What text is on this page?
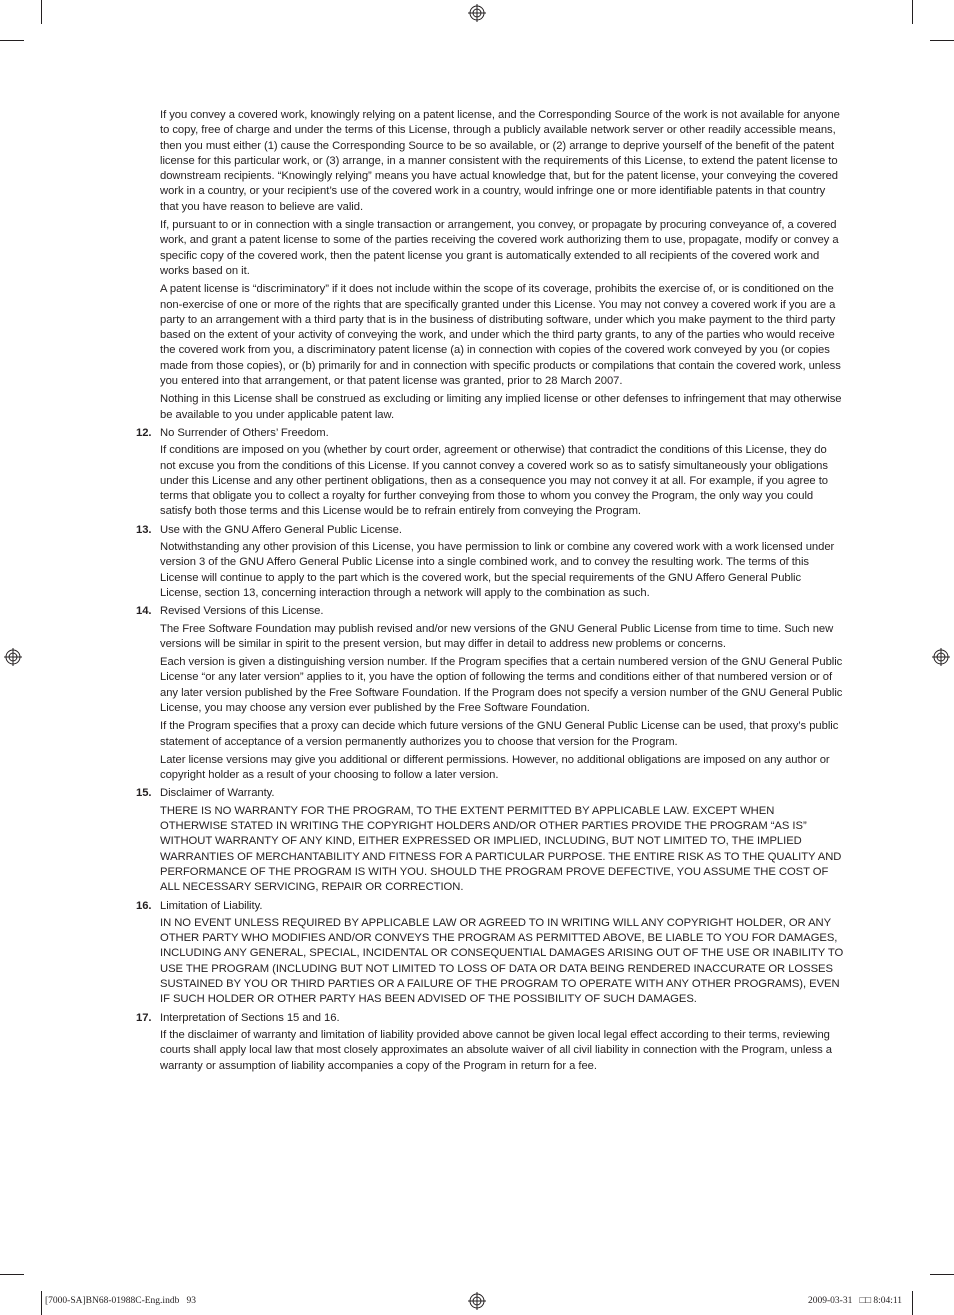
If you convey a covered work, knowingly relying on a patent license, and the Corresponding Source of the work is not available for anyone to copy, free of charge and under the terms of this License, through a publicly available network server or other readily accessible means, then you must either (1) cause the Corresponding Source to be so available, or (2) arrange to deprive yourself of the benefit of the patent license for this particular work, or (3) arrange, in a manner consistent with the requirements of this License, to extend the patent license to downstream recipients. “Knowingly relying” means you have actual knowledge that, but for the patent license, your conveying the covered work in a country, or your recipient’s use of the covered work in a country, would infringe one or more identifiable patents in that country that you have reason to believe are valid.

If, pursuant to or in connection with a single transaction or arrangement, you convey, or propagate by procuring conveyance of, a covered work, and grant a patent license to some of the parties receiving the covered work authorizing them to use, propagate, modify or convey a specific copy of the covered work, then the patent license you grant is automatically extended to all recipients of the covered work and works based on it.

A patent license is “discriminatory” if it does not include within the scope of its coverage, prohibits the exercise of, or is conditioned on the non-exercise of one or more of the rights that are specifically granted under this License. You may not convey a covered work if you are a party to an arrangement with a third party that is in the business of distributing software, under which you make payment to the third party based on the extent of your activity of conveying the work, and under which the third party grants, to any of the parties who would receive the covered work from you, a discriminatory patent license (a) in connection with copies of the covered work conveyed by you (or copies made from those copies), or (b) primarily for and in connection with specific products or compilations that contain the covered work, unless you entered into that arrangement, or that patent license was granted, prior to 28 March 2007.

Nothing in this License shall be construed as excluding or limiting any implied license or other defenses to infringement that may otherwise be available to you under applicable patent law.

12. No Surrender of Others’ Freedom.

If conditions are imposed on you (whether by court order, agreement or otherwise) that contradict the conditions of this License, they do not excuse you from the conditions of this License. If you cannot convey a covered work so as to satisfy simultaneously your obligations under this License and any other pertinent obligations, then as a consequence you may not convey it at all. For example, if you agree to terms that obligate you to collect a royalty for further conveying from those to whom you convey the Program, the only way you could satisfy both those terms and this License would be to refrain entirely from conveying the Program.

13. Use with the GNU Affero General Public License.

Notwithstanding any other provision of this License, you have permission to link or combine any covered work with a work licensed under version 3 of the GNU Affero General Public License into a single combined work, and to convey the resulting work. The terms of this License will continue to apply to the part which is the covered work, but the special requirements of the GNU Affero General Public License, section 13, concerning interaction through a network will apply to the combination as such.

14. Revised Versions of this License.

The Free Software Foundation may publish revised and/or new versions of the GNU General Public License from time to time. Such new versions will be similar in spirit to the present version, but may differ in detail to address new problems or concerns.

Each version is given a distinguishing version number. If the Program specifies that a certain numbered version of the GNU General Public License “or any later version” applies to it, you have the option of following the terms and conditions either of that numbered version or of any later version published by the Free Software Foundation. If the Program does not specify a version number of the GNU General Public License, you may choose any version ever published by the Free Software Foundation.

If the Program specifies that a proxy can decide which future versions of the GNU General Public License can be used, that proxy’s public statement of acceptance of a version permanently authorizes you to choose that version for the Program.

Later license versions may give you additional or different permissions. However, no additional obligations are imposed on any author or copyright holder as a result of your choosing to follow a later version.

15. Disclaimer of Warranty.

THERE IS NO WARRANTY FOR THE PROGRAM, TO THE EXTENT PERMITTED BY APPLICABLE LAW. EXCEPT WHEN OTHERWISE STATED IN WRITING THE COPYRIGHT HOLDERS AND/OR OTHER PARTIES PROVIDE THE PROGRAM “AS IS” WITHOUT WARRANTY OF ANY KIND, EITHER EXPRESSED OR IMPLIED, INCLUDING, BUT NOT LIMITED TO, THE IMPLIED WARRANTIES OF MERCHANTABILITY AND FITNESS FOR A PARTICULAR PURPOSE. THE ENTIRE RISK AS TO THE QUALITY AND PERFORMANCE OF THE PROGRAM IS WITH YOU. SHOULD THE PROGRAM PROVE DEFECTIVE, YOU ASSUME THE COST OF ALL NECESSARY SERVICING, REPAIR OR CORRECTION.

16. Limitation of Liability.

IN NO EVENT UNLESS REQUIRED BY APPLICABLE LAW OR AGREED TO IN WRITING WILL ANY COPYRIGHT HOLDER, OR ANY OTHER PARTY WHO MODIFIES AND/OR CONVEYS THE PROGRAM AS PERMITTED ABOVE, BE LIABLE TO YOU FOR DAMAGES, INCLUDING ANY GENERAL, SPECIAL, INCIDENTAL OR CONSEQUENTIAL DAMAGES ARISING OUT OF THE USE OR INABILITY TO USE THE PROGRAM (INCLUDING BUT NOT LIMITED TO LOSS OF DATA OR DATA BEING RENDERED INACCURATE OR LOSSES SUSTAINED BY YOU OR THIRD PARTIES OR A FAILURE OF THE PROGRAM TO OPERATE WITH ANY OTHER PROGRAMS), EVEN IF SUCH HOLDER OR OTHER PARTY HAS BEEN ADVISED OF THE POSSIBILITY OF SUCH DAMAGES.

17. Interpretation of Sections 15 and 16.

If the disclaimer of warranty and limitation of liability provided above cannot be given local legal effect according to their terms, reviewing courts shall apply local law that most closely approximates an absolute waiver of all civil liability in connection with the Program, unless a warranty or assumption of liability accompanies a copy of the Program in return for a fee.

[7000-SA]BN68-01988C-Eng.indb   93	2009-03-31   □□ 8:04:11
